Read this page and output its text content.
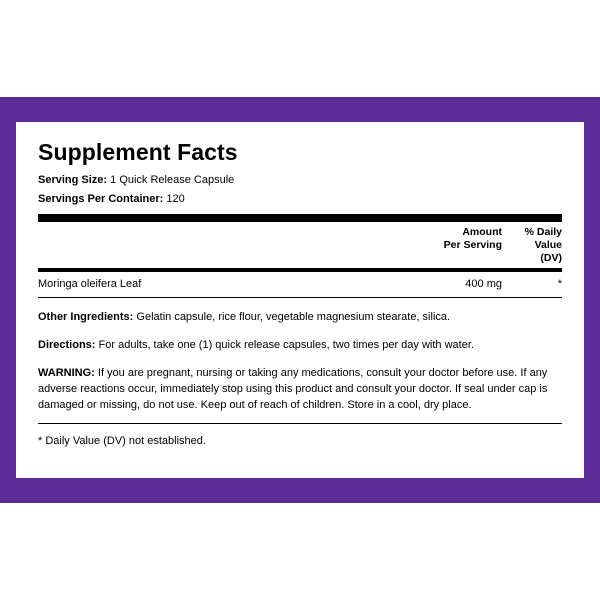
Supplement Facts
Serving Size: 1 Quick Release Capsule
Servings Per Container: 120
Amount
Per Serving
% Daily
Value
(DV)
Moringa oleifera Leaf	400 mg	*
Other Ingredients: Gelatin capsule, rice flour, vegetable magnesium stearate, silica.
Directions: For adults, take one (1) quick release capsules, two times per day with water.
WARNING: If you are pregnant, nursing or taking any medications, consult your doctor before use. If any adverse reactions occur, immediately stop using this product and consult your doctor. If seal under cap is damaged or missing, do not use. Keep out of reach of children. Store in a cool, dry place.
* Daily Value (DV) not established.
